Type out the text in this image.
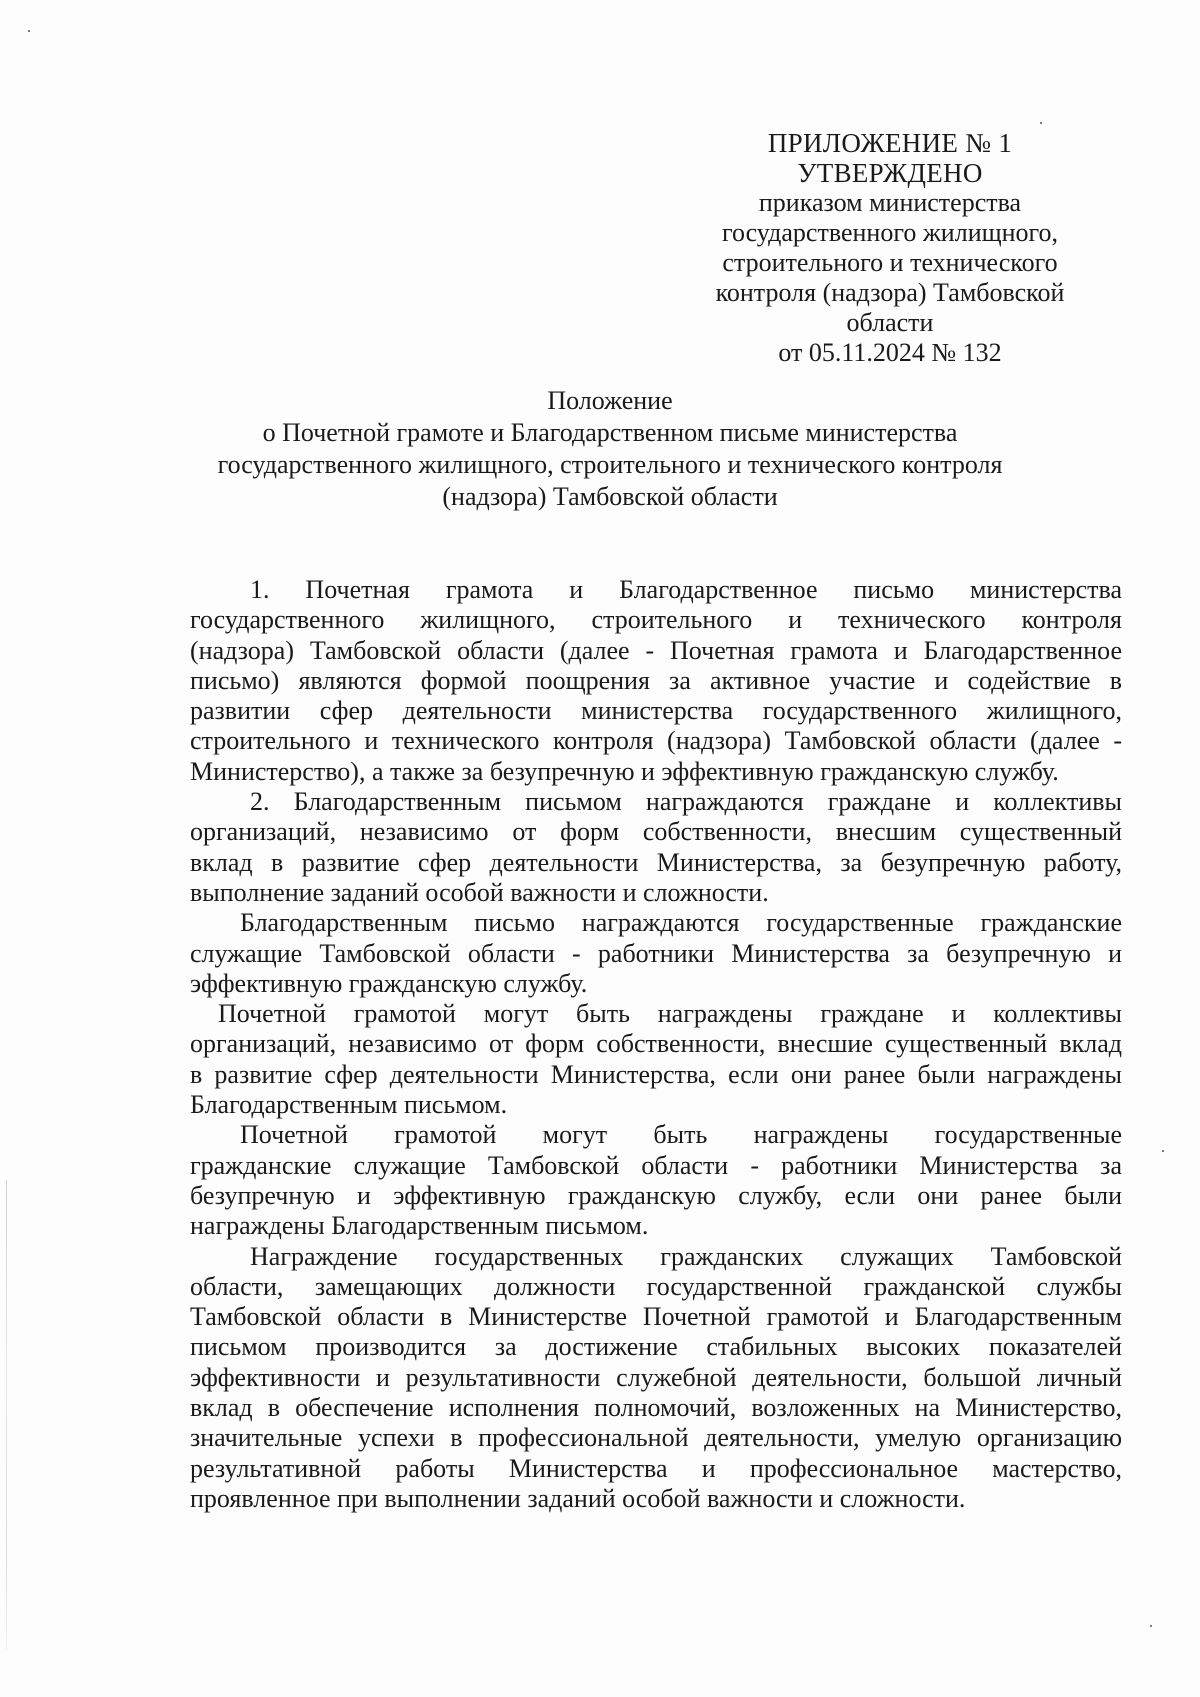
ПРИЛОЖЕНИЕ № 1
УТВЕРЖДЕНО
приказом министерства
государственного жилищного,
строительного и технического
контроля (надзора) Тамбовской
области
от 05.11.2024 № 132
Положение
о Почетной грамоте и Благодарственном письме министерства
государственного жилищного, строительного и технического контроля
(надзора) Тамбовской области
1. Почетная грамота и Благодарственное письмо министерства
государственного жилищного, строительного и технического контроля
(надзора) Тамбовской области (далее - Почетная грамота и Благодарственное
письмо) являются формой поощрения за активное участие и содействие в
развитии сфер деятельности министерства государственного жилищного,
строительного и технического контроля (надзора) Тамбовской области (далее -
Министерство), а также за безупречную и эффективную гражданскую службу.
2. Благодарственным письмом награждаются граждане и коллективы
организаций, независимо от форм собственности, внесшим существенный
вклад в развитие сфер деятельности Министерства, за безупречную работу,
выполнение заданий особой важности и сложности.
Благодарственным письмо награждаются государственные гражданские
служащие Тамбовской области - работники Министерства за безупречную и
эффективную гражданскую службу.
Почетной грамотой могут быть награждены граждане и коллективы
организаций, независимо от форм собственности, внесшие существенный вклад
в развитие сфер деятельности Министерства, если они ранее были награждены
Благодарственным письмом.
Почетной грамотой могут быть награждены государственные
гражданские служащие Тамбовской области - работники Министерства за
безупречную и эффективную гражданскую службу, если они ранее были
награждены Благодарственным письмом.
Награждение государственных гражданских служащих Тамбовской
области, замещающих должности государственной гражданской службы
Тамбовской области в Министерстве Почетной грамотой и Благодарственным
письмом производится за достижение стабильных высоких показателей
эффективности и результативности служебной деятельности, большой личный
вклад в обеспечение исполнения полномочий, возложенных на Министерство,
значительные успехи в профессиональной деятельности, умелую организацию
результативной работы Министерства и профессиональное мастерство,
проявленное при выполнении заданий особой важности и сложности.
